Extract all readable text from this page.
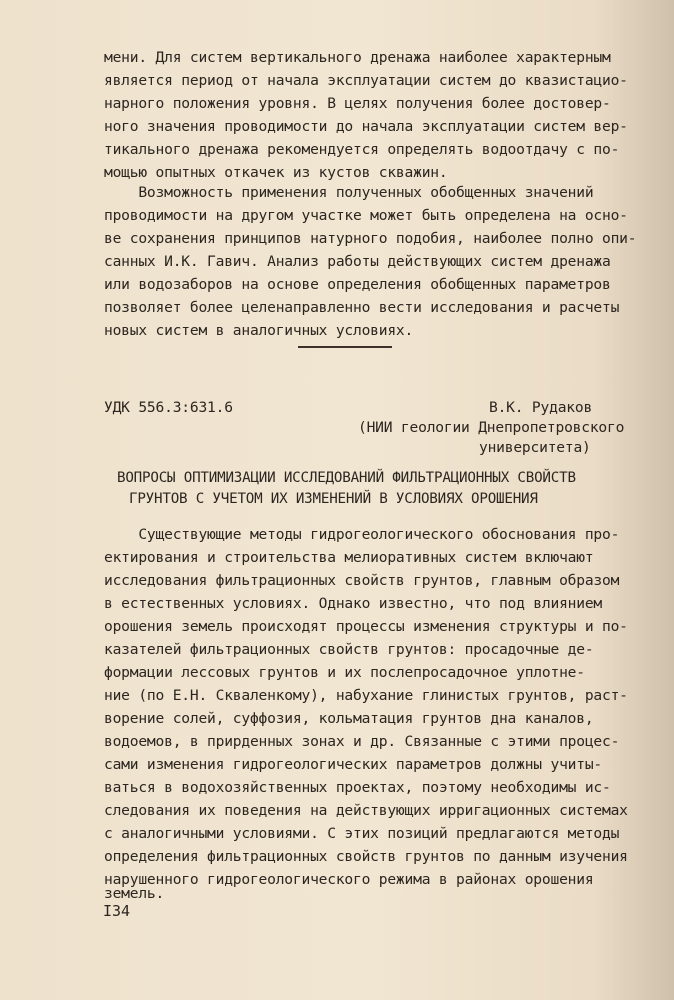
мени. Для систем вертикального дренажа наиболее характерным
является период от начала эксплуатации систем до квазистацио-
нарного положения уровня. В целях получения более достовер-
ного значения проводимости до начала эксплуатации систем вер-
тикального дренажа рекомендуется определять водоотдачу с по-
мощью опытных откачек из кустов скважин.
Возможность применения полученных обобщенных значений
проводимости на другом участке может быть определена на осно-
ве сохранения принципов натурного подобия, наиболее полно опи-
санных И.К. Гавич. Анализ работы действующих систем дренажа
или водозаборов на основе определения обобщенных параметров
позволяет более целенаправленно вести исследования и расчеты
новых систем в аналогичных условиях.
УДК 556.3:631.6	В.К. Рудаков
(НИИ геологии Днепропетровского
университета)
ВОПРОСЫ ОПТИМИЗАЦИИ ИССЛЕДОВАНИЙ ФИЛЬТРАЦИОННЫХ СВОЙСТВ
ГРУНТОВ С УЧЕТОМ ИХ ИЗМЕНЕНИЙ В УСЛОВИЯХ ОРОШЕНИЯ
Существующие методы гидрогеологического обоснования про-
ектирования и строительства мелиоративных систем включают
исследования фильтрационных свойств грунтов, главным образом
в естественных условиях. Однако известно, что под влиянием
орошения земель происходят процессы изменения структуры и по-
казателей фильтрационных свойств грунтов: просадочные де-
формации лессовых грунтов и их послепросадочное уплотне-
ние (по Е.Н. Скваленкому), набухание глинистых грунтов, раст-
ворение солей, суффозия, кольматация грунтов дна каналов,
водоемов, в прирденных зонах и др. Связанные с этими процес-
сами изменения гидрогеологических параметров должны учиты-
ваться в водохозяйственных проектах, поэтому необходимы ис-
следования их поведения на действующих ирригационных системах
с аналогичными условиями. С этих позиций предлагаются методы
определения фильтрационных свойств грунтов по данным изучения
нарушенного гидрогеологического режима в районах орошения
земель.
I34
